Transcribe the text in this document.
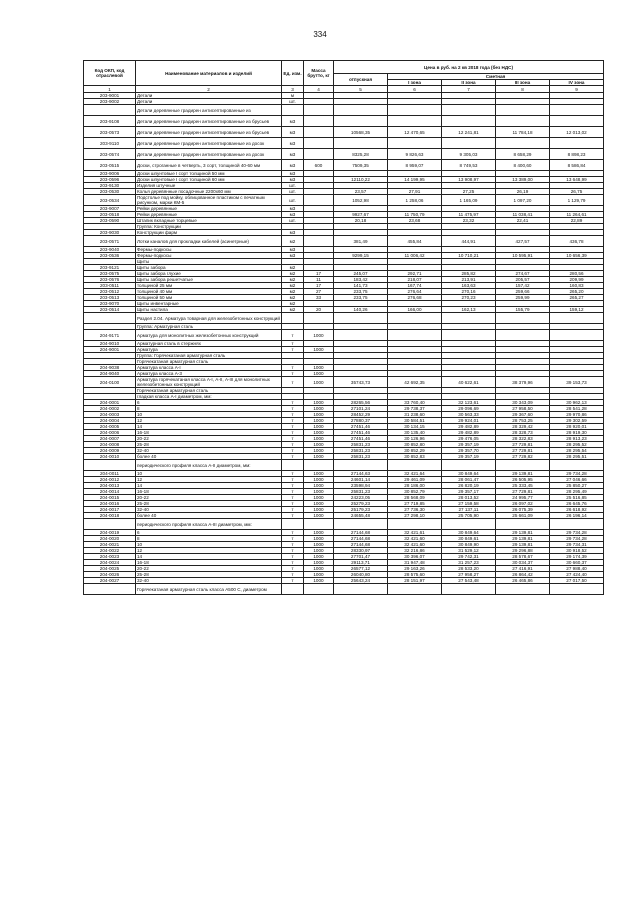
334
Код ОКП, код отраслевой	Наименование материалов и изделий	Ед. изм.	Масса брутто, кг	Цена в руб. на 2 кв 2018 года (без НДС)				
				отпускная	Сметная			
					I зона	II зона	III зона	IV зона
1	2	3	4	5	6	7	8	9
203-9001	Детали	м						
203-9002	Детали	шт.						
	Детали деревянные градирен антисептированные из							
203-9108	Детали деревянные градирен антисептированные из брусьев	м3						
203-0573	Детали деревянные градирен антисептированные из брусьев	м3		10568,35	12 470,65	12 241,81	11 784,18	12 013,02
203-9110	Детали деревянные градирен антисептированные из досок	м3						
203-0574	Детали деревянные градирен антисептированные из досок	м3		8325,28	9 826,63	9 305,03	8 658,29	8 898,23
203-0515	Доски, строганные в четверть, 3 сорт, толщиной 40-60 мм	м3	600	7509,35	8 959,07	8 749,53	8 400,60	8 586,84
203-9006	Доски шпунтовые I сорт толщиной 50 мм	м3						
203-0596	Доски шпунтовые I сорт толщиной 60 мм	м3		12110,22	14 199,95	13 908,97	13 389,00	13 648,99
203-9130	Изделия штучные	шт.						
203-0530	Колья деревянные посадочные 2200х60 мм	шт.		23,57	27,91	27,25	26,19	26,75
203-0534	Подстолье под мойку, облицованное пластиком с печатным рисунком, марки КМ-5	шт.		1052,98	1 258,06	1 165,09	1 097,20	1 129,79
203-9007	Рейки деревянные	м3						
203-0518	Рейки деревянные	м3		9927,67	11 750,79	11 475,97	11 038,41	11 264,61
203-0590	Штапик вкладные торцевые	шт.		20,18	23,68	23,32	22,41	22,89
	Группа: Конструкции							
203-9030	Конструкции фарм	м3						
203-0571	Лотки каналов для прокладки кабелей (асинетрные)	м2		381,49	455,84	444,91	427,57	436,78
203-9040	Фермы-подкосы	м3						
203-0536	Фермы-подкосы	м3		9299,15	11 006,42	10 710,21	10 595,91	10 656,39
	Щиты							
203-9121	Щиты забора	м2						
203-0575	Щиты забора глухие	м2	17	245,07	292,71	285,82	274,67	280,56
203-0576	Щиты забора решетчатые	м2	11	183,42	218,07	213,91	205,57	209,99
203-0511	толщиной 25 мм	м2	17	141,73	167,74	163,63	157,42	160,83
203-0512	толщиной 40 мм	м2	27	233,75	276,64	270,16	259,66	265,20
203-0513	толщиной 50 мм	м2	33	233,75	276,68	270,23	259,99	265,27
203-9070	Щиты инвентарные	м2						
203-0514	Щиты настила	м2	20	140,26	166,00	162,13	155,79	159,12
	Раздел 2.04. Арматура товарная для железобетонных конструкций							
	Группа: Арматурная сталь							
204-9171	Арматура для монолитных железобетонных конструкций	т	1000					
204-9010	Арматурная сталь в стержнях	т						
204-9001	Арматура	т	1000					
	Группа: Горячекатаная арматурная сталь							
	Горячекатаная арматурная сталь							
204-9038	Арматура класса А-I	т	1000					
204-9040	Арматура класса А-3	т	1000					
204-0100	Арматура горячекатаная класса А-I, А-II, А-III для монолитных железобетонных конструкций	т	1000	35743,73	42 692,35	40 622,61	38 379,96	39 153,73
	Горячекатаная арматурная сталь							
	гладкая класса А-I диаметром, мм:							
204-0001	6	т	1000	28265,56	33 760,40	32 123,61	30 343,09	30 962,13
204-0002	8	т	1000	27101,24	29 738,37	29 096,69	27 958,50	28 541,28
204-0003	10	т	1000	28452,29	31 238,60	30 563,33	29 367,60	29 970,86
204-0004	12	т	1000	27880,37	30 584,51	29 924,01	28 753,25	29 302,59
204-0005	14	т	1000	27451,46	30 134,15	29 482,89	28 329,42	28 920,01
204-0006	16-18	т	1000	27451,46	30 135,40	29 482,89	28 328,73	28 919,30
204-0007	20-22	т	1000	27451,46	30 126,96	29 476,05	28 322,83	28 913,23
204-0008	25-28	т	1000	25831,23	30 852,80	29 357,19	27 729,81	28 295,52
204-0009	32-40	т	1000	25831,23	30 852,29	29 357,70	27 729,81	28 295,54
204-0010	более 40	т	1000	25831,23	30 852,83	29 357,19	27 729,82	28 295,51
	периодического профиля класса А-II диаметром, мм:							
204-0011	10	т	1000	27144,63	32 421,64	30 849,64	29 139,81	29 734,28
204-0012	12	т	1000	24601,14	29 461,09	28 061,47	26 505,95	27 046,66
204-0013	14	т	1000	23598,94	28 186,00	26 820,19	25 333,45	25 850,27
204-0014	16-18	т	1000	25831,23	30 852,79	29 357,17	27 729,81	28 295,49
204-0015	20-22	т	1000	24223,05	28 568,09	28 013,52	24 995,77	25 516,85
204-0016	25-28	т	1000	25279,23	27 719,85	27 159,58	26 097,02	26 645,76
204-0017	32-40	т	1000	25179,23	27 736,30	27 137,11	26 075,39	26 618,92
204-0018	более 40	т	1000	24655,48	27 298,10	25 705,90	25 661,09	26 196,14
	периодического профиля класса А-III диаметром, мм:							
204-0019	6	т	1000	27144,68	32 421,61	30 849,64	29 139,81	29 734,28
204-0020	8	т	1000	27144,68	32 421,60	30 849,61	29 139,81	29 734,28
204-0021	10	т	1000	27144,68	32 421,60	30 849,90	29 139,81	29 734,31
204-0022	12	т	1000	28330,97	32 216,86	31 529,12	29 296,88	30 918,52
204-0023	14	т	1000	27701,47	30 396,07	29 742,31	28 578,67	29 174,39
204-0024	16-18	т	1000	29113,71	31 947,48	31 257,23	30 034,37	30 660,37
204-0025	20-22	т	1000	26577,12	29 163,26	28 533,20	27 416,91	27 988,40
204-0026	25-28	т	1000	26040,80	28 575,60	27 958,27	26 864,42	27 424,40
204-0027	32-40	т	1000	25643,24	28 151,97	27 543,48	26 465,86	27 017,50
	Горячекатаная арматурная сталь класса А500 С, диаметром							
